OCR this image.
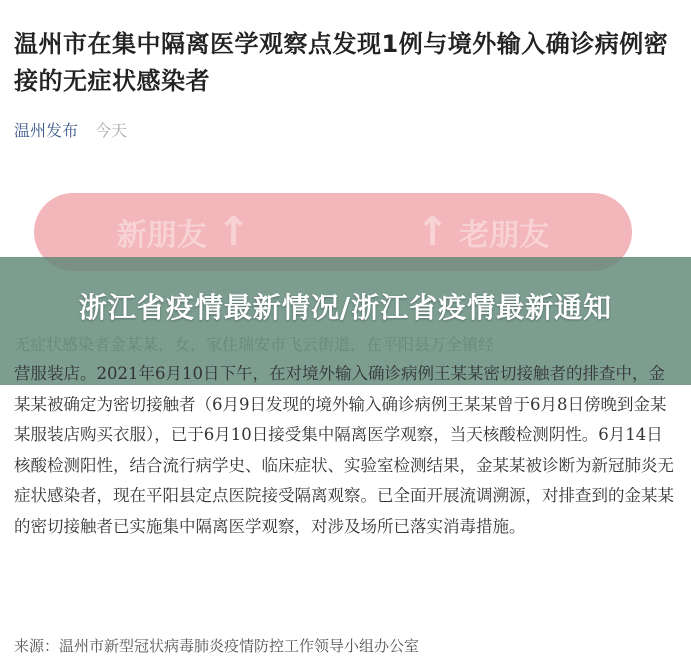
温州市在集中隔离医学观察点发现1例与境外输入确诊病例密接的无症状感染者
温州发布 今天
新朋友 ↑	↑ 老朋友
浙江省疫情最新情况/浙江省疫情最新通知
营服装店。2021年6月10日下午，在对境外输入确诊病例王某某密切接触者的排查中，金某某被确定为密切接触者（6月9日发现的境外输入确诊病例王某某曾于6月8日傍晚到金某某服装店购买衣服），已于6月10日接受集中隔离医学观察，当天核酸检测阴性。6月14日核酸检测阳性，结合流行病学史、临床症状、实验室检测结果，金某某被诊断为新冠肺炎无症状感染者，现在平阳县定点医院接受隔离观察。已全面开展流调溯源，对排查到的金某某的密切接触者已实施集中隔离医学观察，对涉及场所已落实消毒措施。
来源：温州市新型冠状病毒肺炎疫情防控工作领导小组办公室
